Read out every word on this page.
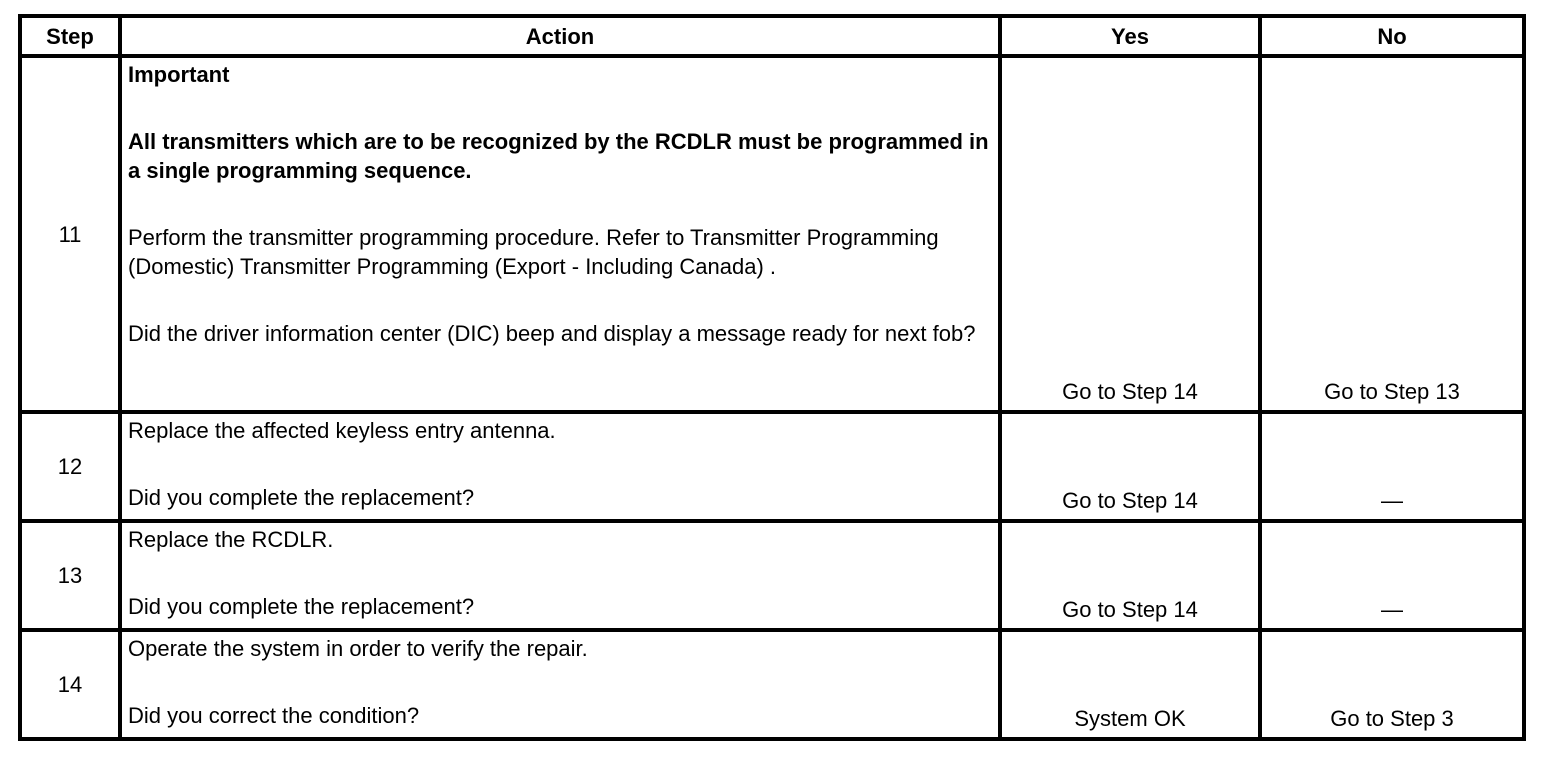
Step	Action	Yes	No
11	Important
All transmitters which are to be recognized by the RCDLR must be programmed in a single programming sequence.
Perform the transmitter programming procedure. Refer to Transmitter Programming (Domestic) Transmitter Programming (Export - Including Canada) .
Did the driver information center (DIC) beep and display a message ready for next fob?	Go to Step 14	Go to Step 13
12	Replace the affected keyless entry antenna.
Did you complete the replacement?	Go to Step 14	—
13	Replace the RCDLR.
Did you complete the replacement?	Go to Step 14	—
14	Operate the system in order to verify the repair.
Did you correct the condition?	System OK	Go to Step 3
